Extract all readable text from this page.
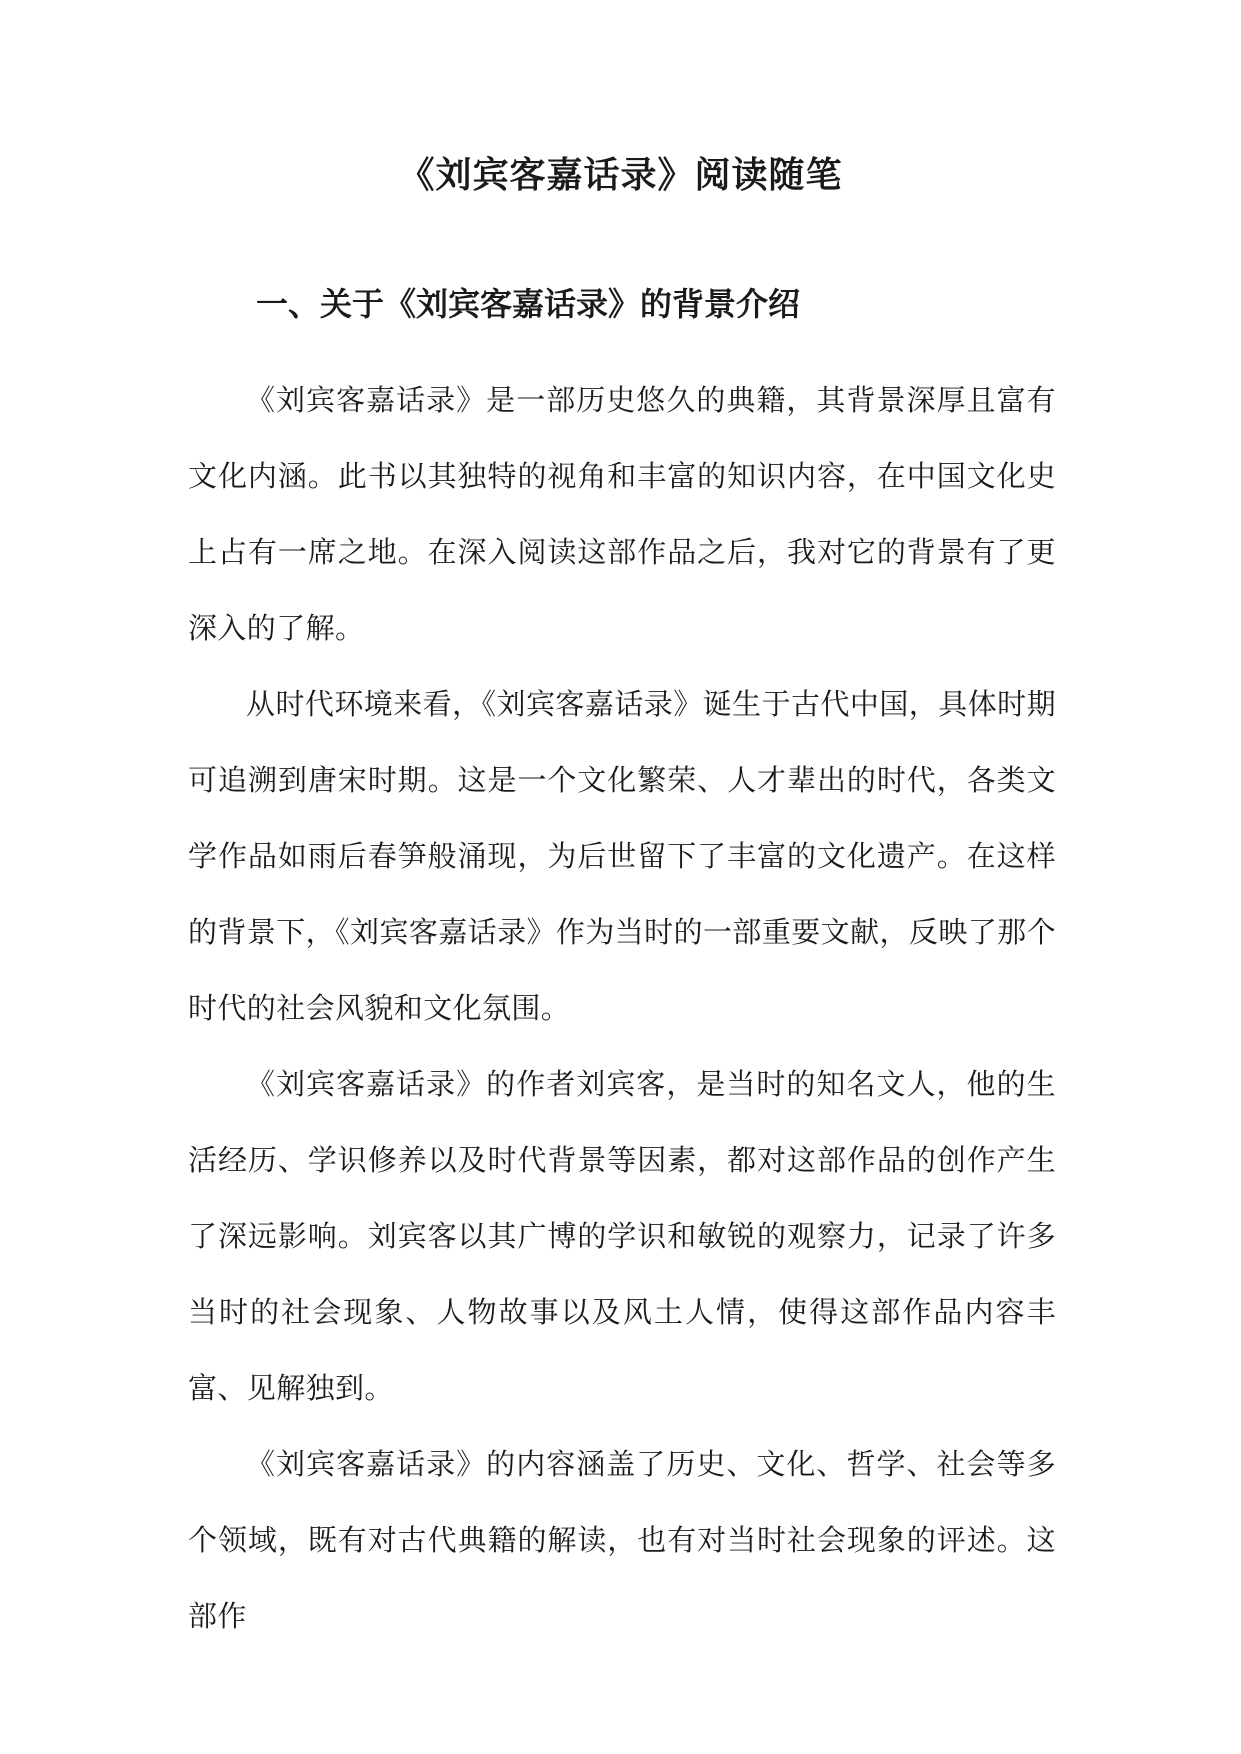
《刘宾客嘉话录》阅读随笔
一、关于《刘宾客嘉话录》的背景介绍

《刘宾客嘉话录》是一部历史悠久的典籍，其背景深厚且富有文化内涵。此书以其独特的视角和丰富的知识内容，在中国文化史上占有一席之地。在深入阅读这部作品之后，我对它的背景有了更深入的了解。

从时代环境来看，《刘宾客嘉话录》诞生于古代中国，具体时期可追溯到唐宋时期。这是一个文化繁荣、人才辈出的时代，各类文学作品如雨后春笋般涌现，为后世留下了丰富的文化遗产。在这样的背景下，《刘宾客嘉话录》作为当时的一部重要文献，反映了那个时代的社会风貌和文化氛围。

《刘宾客嘉话录》的作者刘宾客，是当时的知名文人，他的生活经历、学识修养以及时代背景等因素，都对这部作品的创作产生了深远影响。刘宾客以其广博的学识和敏锐的观察力，记录了许多当时的社会现象、人物故事以及风土人情，使得这部作品内容丰富、见解独到。

《刘宾客嘉话录》的内容涵盖了历史、文化、哲学、社会等多个领域，既有对古代典籍的解读，也有对当时社会现象的评述。这部作
